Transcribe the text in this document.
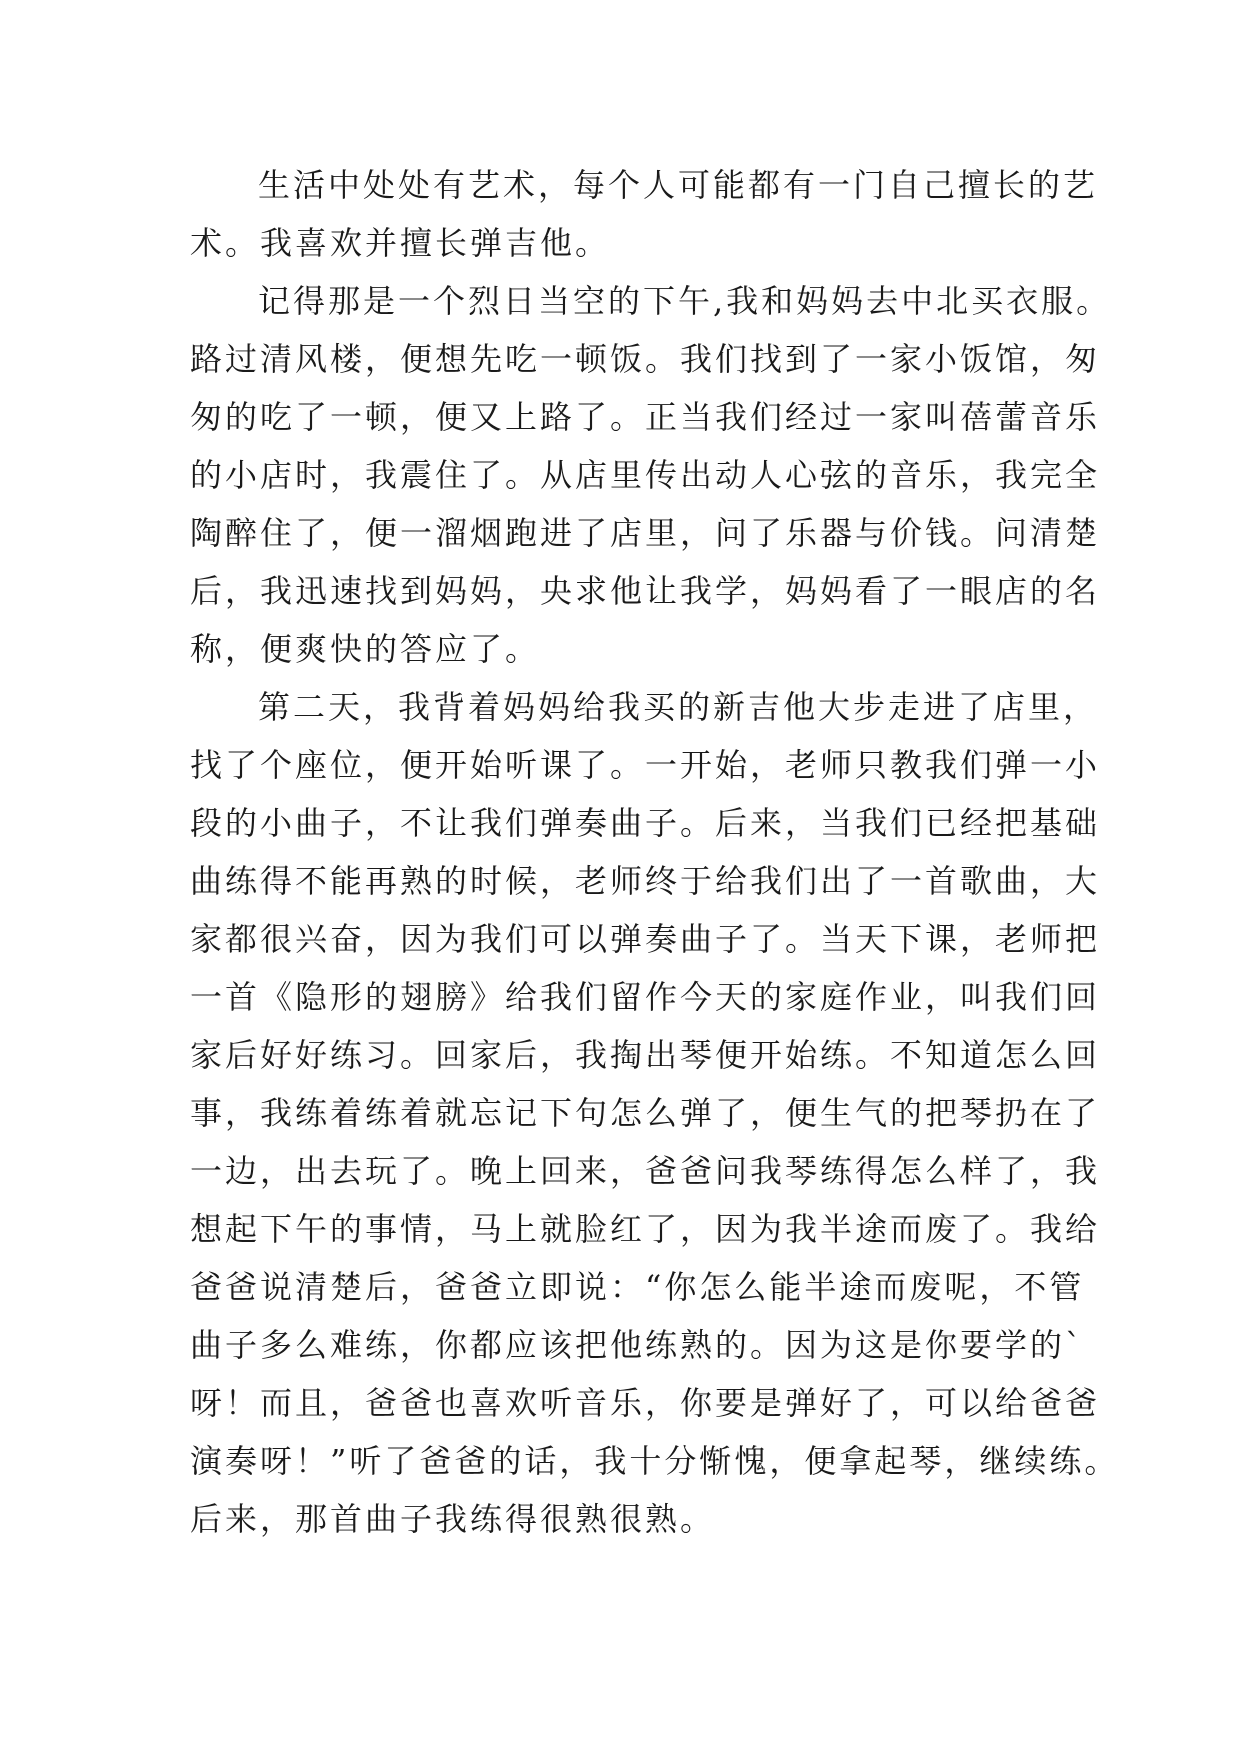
生活中处处有艺术，每个人可能都有一门自己擅长的艺
术。我喜欢并擅长弹吉他。
记得那是一个烈日当空的下午,我和妈妈去中北买衣服。
路过清风楼，便想先吃一顿饭。我们找到了一家小饭馆，匆
匆的吃了一顿，便又上路了。正当我们经过一家叫蓓蕾音乐
的小店时，我震住了。从店里传出动人心弦的音乐，我完全
陶醉住了，便一溜烟跑进了店里，问了乐器与价钱。问清楚
后，我迅速找到妈妈，央求他让我学，妈妈看了一眼店的名
称，便爽快的答应了。
第二天，我背着妈妈给我买的新吉他大步走进了店里，
找了个座位，便开始听课了。一开始，老师只教我们弹一小
段的小曲子，不让我们弹奏曲子。后来，当我们已经把基础
曲练得不能再熟的时候，老师终于给我们出了一首歌曲，大
家都很兴奋，因为我们可以弹奏曲子了。当天下课，老师把
一首《隐形的翅膀》给我们留作今天的家庭作业，叫我们回
家后好好练习。回家后，我掏出琴便开始练。不知道怎么回
事，我练着练着就忘记下句怎么弹了，便生气的把琴扔在了
一边，出去玩了。晚上回来，爸爸问我琴练得怎么样了，我
想起下午的事情，马上就脸红了，因为我半途而废了。我给
爸爸说清楚后，爸爸立即说：“你怎么能半途而废呢，不管
曲子多么难练，你都应该把他练熟的。因为这是你要学的`
呀！而且，爸爸也喜欢听音乐，你要是弹好了，可以给爸爸
演奏呀！”听了爸爸的话，我十分惭愧，便拿起琴，继续练。
后来，那首曲子我练得很熟很熟。
